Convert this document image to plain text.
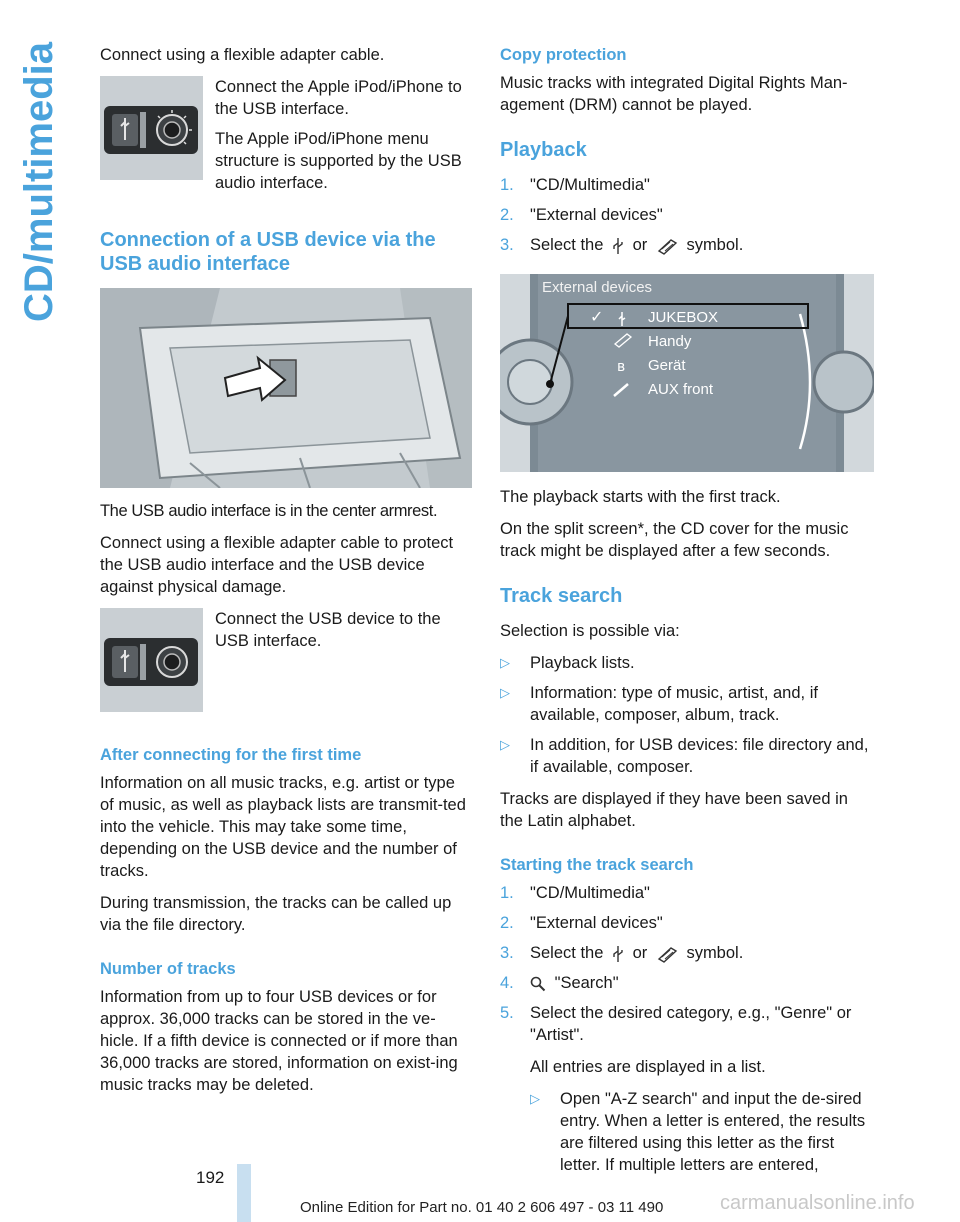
CD/multimedia Connect using a flexible adapter cable.

Connect the Apple iPod/iPhone to the USB interface.

The Apple iPod/iPhone menu structure is supported by the USB audio interface.

Connection of a USB device via the USB audio interface

The USB audio interface is in the center armrest.

Connect using a flexible adapter cable to protect the USB audio interface and the USB device against physical damage.

Connect the USB device to the USB interface.

After connecting for the first time

Information on all music tracks, e.g. artist or type of music, as well as playback lists are transmit-ted into the vehicle. This may take some time, depending on the USB device and the number of tracks.

During transmission, the tracks can be called up via the file directory.

Number of tracks

Information from up to four USB devices or for approx. 36,000 tracks can be stored in the ve-hicle. If a fifth device is connected or if more than 36,000 tracks are stored, information on exist-ing music tracks may be deleted.

Copy protection

Music tracks with integrated Digital Rights Man-agement (DRM) cannot be played.

Playback
1. "CD/Multimedia"
2. "External devices"
3. Select the or symbol.
External devices
✓	JUKEBOX
Handy
Gerät
AUX front
ʙ

The playback starts with the first track.

On the split screen*, the CD cover for the music track might be displayed after a few seconds.

Track search

Selection is possible via:

▷	Playback lists.
▷	Information: type of music, artist, and, if available, composer, album, track.
▷	In addition, for USB devices: file directory and, if available, composer.

Tracks are displayed if they have been saved in the Latin alphabet.

Starting the track search
1. "CD/Multimedia"
2. "External devices"
3. Select the or symbol.
4.	"Search"
5. Select the desired category, e.g., "Genre" or "Artist".

All entries are displayed in a list.

▷	Open "A-Z search" and input the de-sired entry. When a letter is entered, the results are filtered using this letter as the first letter. If multiple letters are entered,
192
Online Edition for Part no. 01 40 2 606 497 - 03 11 490	carmanualsonline.info
